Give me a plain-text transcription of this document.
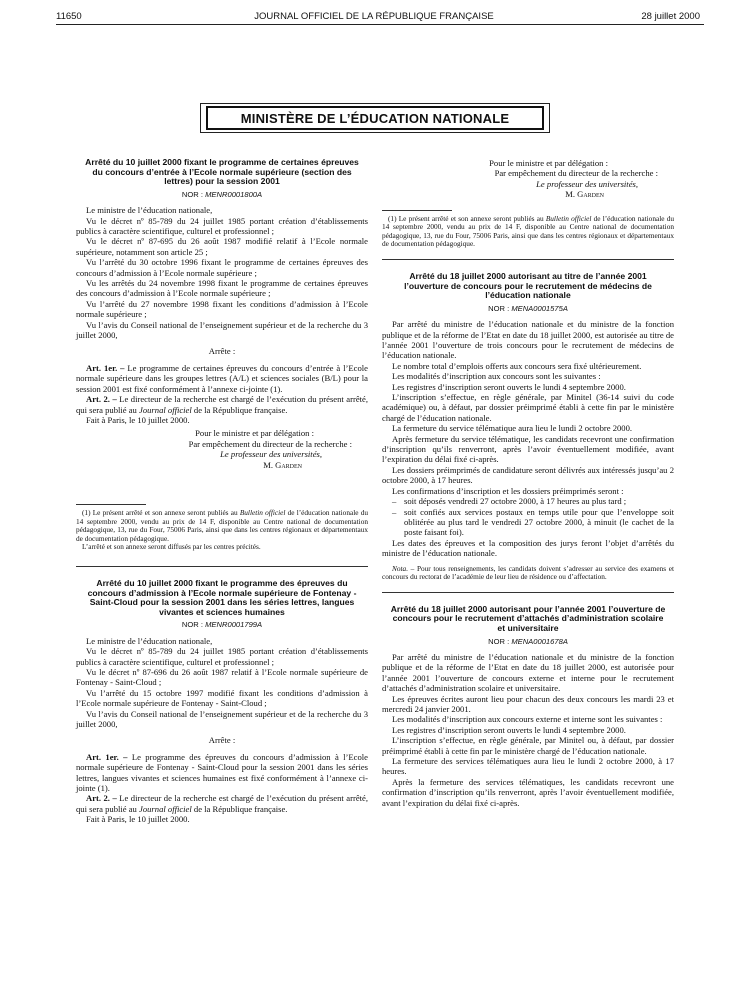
11650	JOURNAL OFFICIEL DE LA RÉPUBLIQUE FRANÇAISE	28 juillet 2000
MINISTÈRE DE L’ÉDUCATION NATIONALE
Arrêté du 10 juillet 2000 fixant le programme de certaines épreuves du concours d’entrée à l’Ecole normale supérieure (section des lettres) pour la session 2001
NOR : MENR0001800A

Le ministre de l’éducation nationale,

Vu le décret nº 85-789 du 24 juillet 1985 portant création d’établissements publics à caractère scientifique, culturel et professionnel ;

Vu le décret nº 87-695 du 26 août 1987 modifié relatif à l’Ecole normale supérieure, notamment son article 25 ;

Vu l’arrêté du 30 octobre 1996 fixant le programme de certaines épreuves des concours d’admission à l’Ecole normale supérieure ;

Vu les arrêtés du 24 novembre 1998 fixant le programme de certaines épreuves des concours d’admission à l’Ecole normale supérieure ;

Vu l’arrêté du 27 novembre 1998 fixant les conditions d’admission à l’Ecole normale supérieure ;

Vu l’avis du Conseil national de l’enseignement supérieur et de la recherche du 3 juillet 2000,

Arrête :

Art. 1er. – Le programme de certaines épreuves du concours d’entrée à l’Ecole normale supérieure dans les groupes lettres (A/L) et sciences sociales (B/L) pour la session 2001 est fixé conformément à l’annexe ci-jointe (1).

Art. 2. – Le directeur de la recherche est chargé de l’exécution du présent arrêté, qui sera publié au Journal officiel de la République française.

Fait à Paris, le 10 juillet 2000.

Pour le ministre et par délégation :

Par empêchement du directeur de la recherche :

Le professeur des universités,

M. Garden

(1) Le présent arrêté et son annexe seront publiés au Bulletin officiel de l’éducation nationale du 14 septembre 2000, vendu au prix de 14 F, disponible au Centre national de documentation pédagogique, 13, rue du Four, 75006 Paris, ainsi que dans les centres régionaux et départementaux de documentation pédagogique.

L’arrêté et son annexe seront diffusés par les centres précités.

Arrêté du 10 juillet 2000 fixant le programme des épreuves du concours d’admission à l’Ecole normale supérieure de Fontenay - Saint-Cloud pour la session 2001 dans les séries lettres, langues vivantes et sciences humaines
NOR : MENR0001799A

Le ministre de l’éducation nationale,

Vu le décret nº 85-789 du 24 juillet 1985 portant création d’établissements publics à caractère scientifique, culturel et professionnel ;

Vu le décret nº 87-696 du 26 août 1987 relatif à l’Ecole normale supérieure de Fontenay - Saint-Cloud ;

Vu l’arrêté du 15 octobre 1997 modifié fixant les conditions d’admission à l’Ecole normale supérieure de Fontenay - Saint-Cloud ;

Vu l’avis du Conseil national de l’enseignement supérieur et de la recherche du 3 juillet 2000,

Arrête :

Art. 1er. – Le programme des épreuves du concours d’admission à l’Ecole normale supérieure de Fontenay - Saint-Cloud pour la session 2001 dans les séries lettres, langues vivantes et sciences humaines est fixé conformément à l’annexe ci-jointe (1).

Art. 2. – Le directeur de la recherche est chargé de l’exécution du présent arrêté, qui sera publié au Journal officiel de la République française.

Fait à Paris, le 10 juillet 2000.

Pour le ministre et par délégation :

Par empêchement du directeur de la recherche :

Le professeur des universités,

M. Garden

(1) Le présent arrêté et son annexe seront publiés au Bulletin officiel de l’éducation nationale du 14 septembre 2000, vendu au prix de 14 F, disponible au Centre national de documentation pédagogique, 13, rue du Four, 75006 Paris, ainsi que dans les centres régionaux et départementaux de documentation pédagogique.

Arrêté du 18 juillet 2000 autorisant au titre de l’année 2001 l’ouverture de concours pour le recrutement de médecins de l’éducation nationale
NOR : MENA0001575A

Par arrêté du ministre de l’éducation nationale et du ministre de la fonction publique et de la réforme de l’Etat en date du 18 juillet 2000, est autorisée au titre de l’année 2001 l’ouverture de trois concours pour le recrutement de médecins de l’éducation nationale.

Le nombre total d’emplois offerts aux concours sera fixé ultérieurement.

Les modalités d’inscription aux concours sont les suivantes :

Les registres d’inscription seront ouverts le lundi 4 septembre 2000.

L’inscription s’effectue, en règle générale, par Minitel (36-14 suivi du code académique) ou, à défaut, par dossier préimprimé établi à cette fin par le ministère chargé de l’éducation nationale.

La fermeture du service télématique aura lieu le lundi 2 octobre 2000.

Après fermeture du service télématique, les candidats recevront une confirmation d’inscription qu’ils renverront, après l’avoir éventuellement modifiée, avant l’expiration du délai fixé ci-après.

Les dossiers préimprimés de candidature seront délivrés aux intéressés jusqu’au 2 octobre 2000, à 17 heures.

Les confirmations d’inscription et les dossiers préimprimés seront :

– soit déposés vendredi 27 octobre 2000, à 17 heures au plus tard ;

– soit confiés aux services postaux en temps utile pour que l’enveloppe soit oblitérée au plus tard le vendredi 27 octobre 2000, à minuit (le cachet de la poste faisant foi).

Les dates des épreuves et la composition des jurys feront l’objet d’arrêtés du ministre de l’éducation nationale.

Nota. – Pour tous renseignements, les candidats doivent s’adresser au service des examens et concours du rectorat de l’académie de leur lieu de résidence ou d’affectation.

Arrêté du 18 juillet 2000 autorisant pour l’année 2001 l’ouverture de concours pour le recrutement d’attachés d’administration scolaire et universitaire
NOR : MENA0001678A

Par arrêté du ministre de l’éducation nationale et du ministre de la fonction publique et de la réforme de l’Etat en date du 18 juillet 2000, est autorisée pour l’année 2001 l’ouverture de concours externe et interne pour le recrutement d’attachés d’administration scolaire et universitaire.

Les épreuves écrites auront lieu pour chacun des deux concours les mardi 23 et mercredi 24 janvier 2001.

Les modalités d’inscription aux concours externe et interne sont les suivantes :

Les registres d’inscription seront ouverts le lundi 4 septembre 2000.

L’inscription s’effectue, en règle générale, par Minitel ou, à défaut, par dossier préimprimé établi à cette fin par le ministère chargé de l’éducation nationale.

La fermeture des services télématiques aura lieu le lundi 2 octobre 2000, à 17 heures.

Après la fermeture des services télématiques, les candidats recevront une confirmation d’inscription qu’ils renverront, après l’avoir éventuellement modifiée, avant l’expiration du délai fixé ci-après.
